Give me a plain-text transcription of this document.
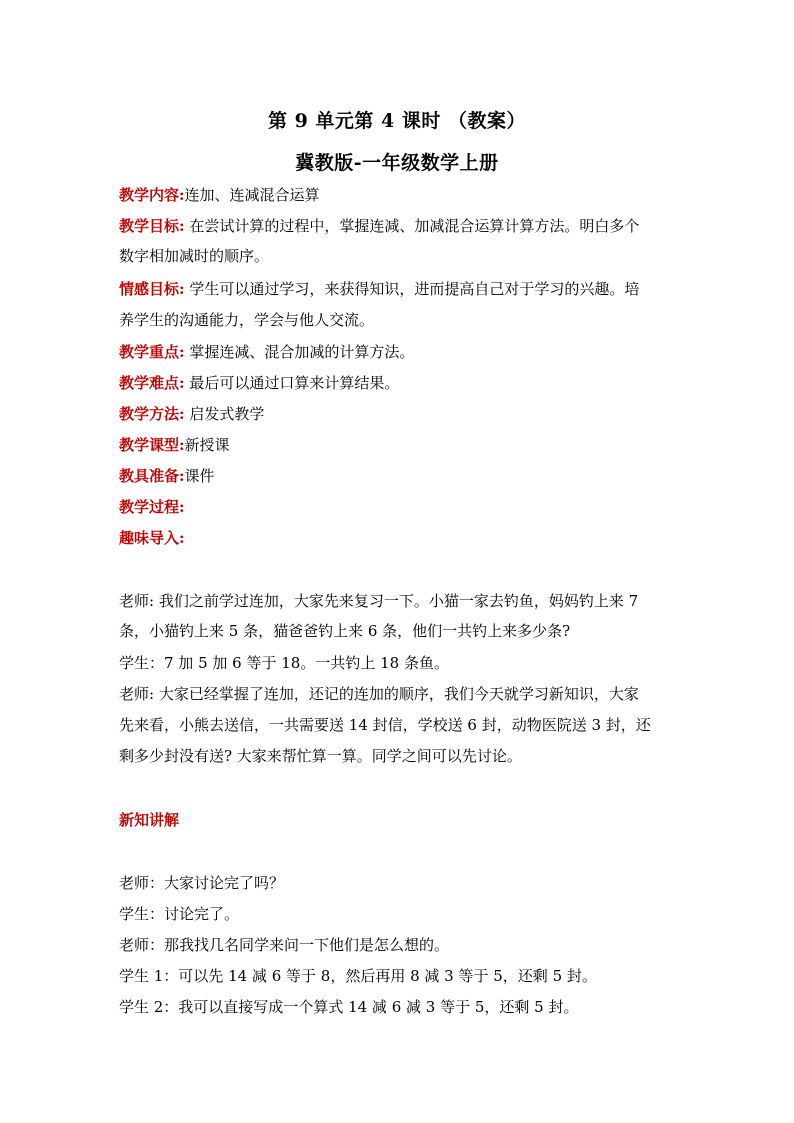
第 9 单元第 4 课时 （教案）
冀教版-一年级数学上册
教学内容:连加、连减混合运算
教学目标: 在尝试计算的过程中，掌握连减、加减混合运算计算方法。明白多个
数字相加减时的顺序。
情感目标: 学生可以通过学习，来获得知识，进而提高自己对于学习的兴趣。培
养学生的沟通能力，学会与他人交流。
教学重点: 掌握连减、混合加减的计算方法。
教学难点: 最后可以通过口算来计算结果。
教学方法: 启发式教学
教学课型:新授课
教具准备:课件
教学过程:
趣味导入:
老师: 我们之前学过连加，大家先来复习一下。小猫一家去钓鱼，妈妈钓上来 7
条，小猫钓上来 5 条，猫爸爸钓上来 6 条，他们一共钓上来多少条?
学生：7 加 5 加 6 等于 18。一共钓上 18 条鱼。
老师: 大家已经掌握了连加，还记的连加的顺序，我们今天就学习新知识，大家
先来看，小熊去送信，一共需要送 14 封信，学校送 6 封，动物医院送 3 封，还
剩多少封没有送? 大家来帮忙算一算。同学之间可以先讨论。
新知讲解
老师：大家讨论完了吗？
学生：讨论完了。
老师：那我找几名同学来问一下他们是怎么想的。
学生 1：可以先 14 减 6 等于 8，然后再用 8 减 3 等于 5，还剩 5 封。
学生 2：我可以直接写成一个算式 14 减 6 减 3 等于 5，还剩 5 封。
